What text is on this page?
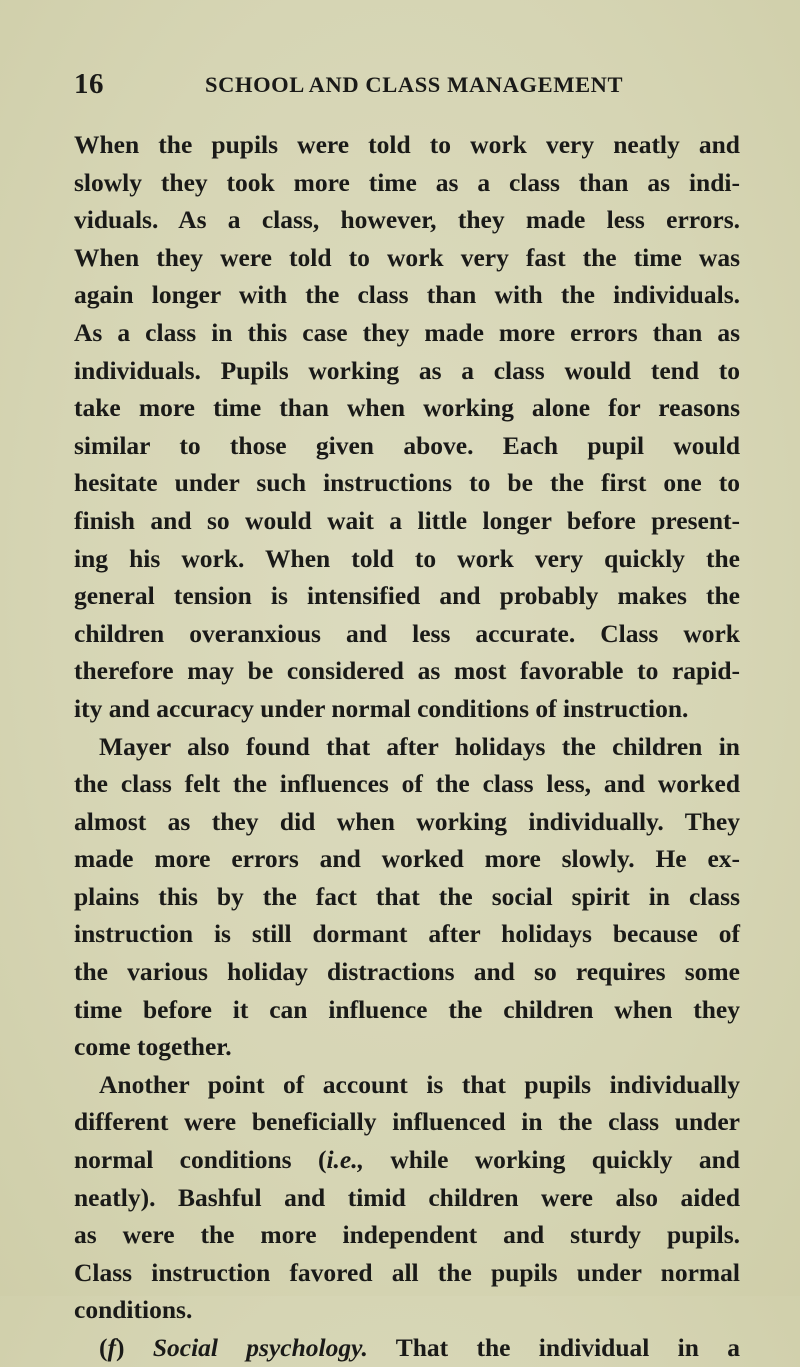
16	SCHOOL AND CLASS MANAGEMENT
When the pupils were told to work very neatly and
slowly they took more time as a class than as indi-
viduals. As a class, however, they made less errors.
When they were told to work very fast the time was
again longer with the class than with the individuals.
As a class in this case they made more errors than as
individuals. Pupils working as a class would tend to
take more time than when working alone for reasons
similar to those given above. Each pupil would
hesitate under such instructions to be the first one to
finish and so would wait a little longer before present-
ing his work. When told to work very quickly the
general tension is intensified and probably makes the
children overanxious and less accurate. Class work
therefore may be considered as most favorable to rapid-
ity and accuracy under normal conditions of instruction.
Mayer also found that after holidays the children in
the class felt the influences of the class less, and worked
almost as they did when working individually. They
made more errors and worked more slowly. He ex-
plains this by the fact that the social spirit in class
instruction is still dormant after holidays because of
the various holiday distractions and so requires some
time before it can influence the children when they
come together.
Another point of account is that pupils individually
different were beneficially influenced in the class under
normal conditions (i.e., while working quickly and
neatly). Bashful and timid children were also aided
as were the more independent and sturdy pupils.
Class instruction favored all the pupils under normal
conditions.
(f) Social psychology. That the individual in a
